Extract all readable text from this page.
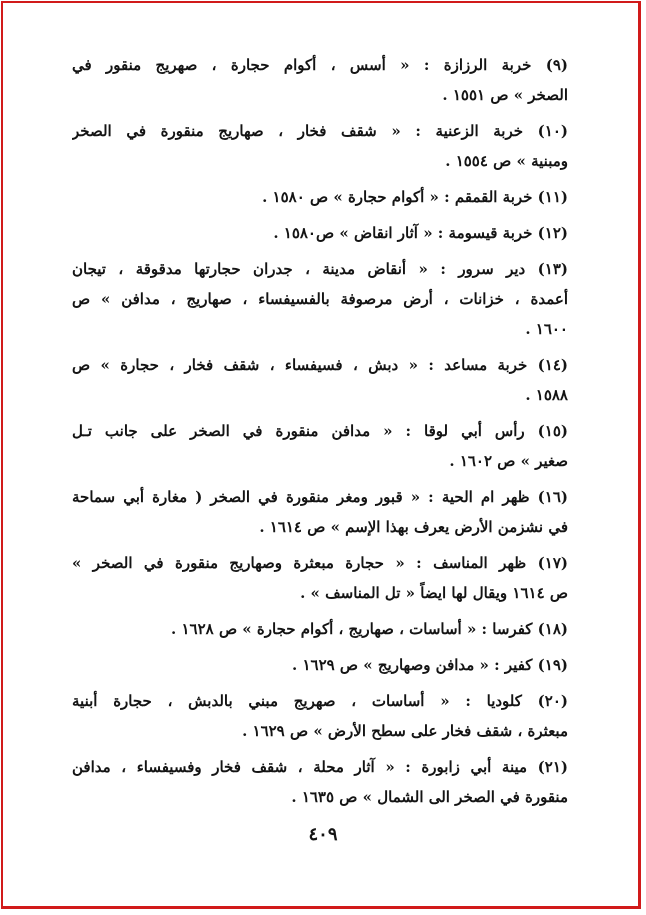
(٩) خربة الرزازة : « أسس ، أكوام حجارة ، صهريج منقور في
الصخر » ص ١٥٥١ .
(١٠) خربة الزعنية : « شقف فخار ، صهاريج منقورة في الصخر
ومبنية » ص ١٥٥٤ .
(١١) خربة القمقم : « أكوام حجارة » ص ١٥٨٠ .
(١٢) خربة قيسومة : « آثار انقاض » ص١٥٨٠ .
(١٣) دير سرور : « أنقاض مدينة ، جدران حجارتها مدقوقة ، تيجان
أعمدة ، خزانات ، أرض مرصوفة بالفسيفساء ، صهاريج ، مدافن » ص
١٦٠٠ .
(١٤) خربة مساعد : « دبش ، فسيفساء ، شقف فخار ، حجارة » ص
١٥٨٨ .
(١٥) رأس أبي لوقا : « مدافن منقورة في الصخر على جانب تـل
صغير » ص ١٦٠٢ .
(١٦) ظهر ام الحية : « قبور ومغر منقورة في الصخر ( مغارة أبي سماحة
في نشزمن الأرض يعرف بهذا الإسم » ص ١٦١٤ .
(١٧) ظهر المناسف : « حجارة مبعثرة وصهاريج منقورة في الصخر »
ص ١٦١٤ ويقال لها ايضاً « تل المناسف » .
(١٨) كفرسا : « أساسات ، صهاريج ، أكوام حجارة » ص ١٦٢٨ .
(١٩) كفير : « مدافن وصهاريج » ص ١٦٢٩ .
(٢٠) كلوديا : « أساسات ، صهريج مبني بالدبش ، حجارة أبنية
مبعثرة ، شقف فخار على سطح الأرض » ص ١٦٢٩ .
(٢١) مينة أبي زابورة : « آثار محلة ، شقف فخار وفسيفساء ، مدافن
منقورة في الصخر الى الشمال » ص ١٦٣٥ .
٤٠٩
